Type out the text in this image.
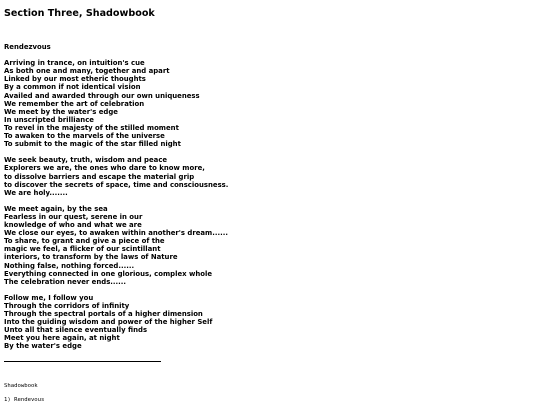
Section Three, Shadowbook
Rendezvous
Arriving in trance, on intuition's cue
As both one and many, together and apart
Linked by our most etheric thoughts
By a common if not identical vision
Availed and awarded through our own uniqueness
We remember the art of celebration
We meet by the water's edge
In unscripted brilliance
To revel in the majesty of the stilled moment
To awaken to the marvels of the universe
To submit to the magic of the star filled night
We seek beauty, truth, wisdom and peace
Explorers we are, the ones who dare to know more,
to dissolve barriers and escape the material grip
to discover the secrets of space, time and consciousness.
We are holy.......
We meet again, by the sea
Fearless in our quest, serene in our
knowledge of who and what we are
We close our eyes, to awaken within another's dream......
To share, to grant and give a piece of the
magic we feel, a flicker of our scintillant
interiors, to transform by the laws of Nature
Nothing false, nothing forced......
Everything connected in one glorious, complex whole
The celebration never ends......
Follow me, I follow you
Through the corridors of infinity
Through the spectral portals of a higher dimension
Into the guiding wisdom and power of the higher Self
Unto all that silence eventually finds
Meet you here again, at night
By the water's edge
Shadowbook
1) Rendevous
